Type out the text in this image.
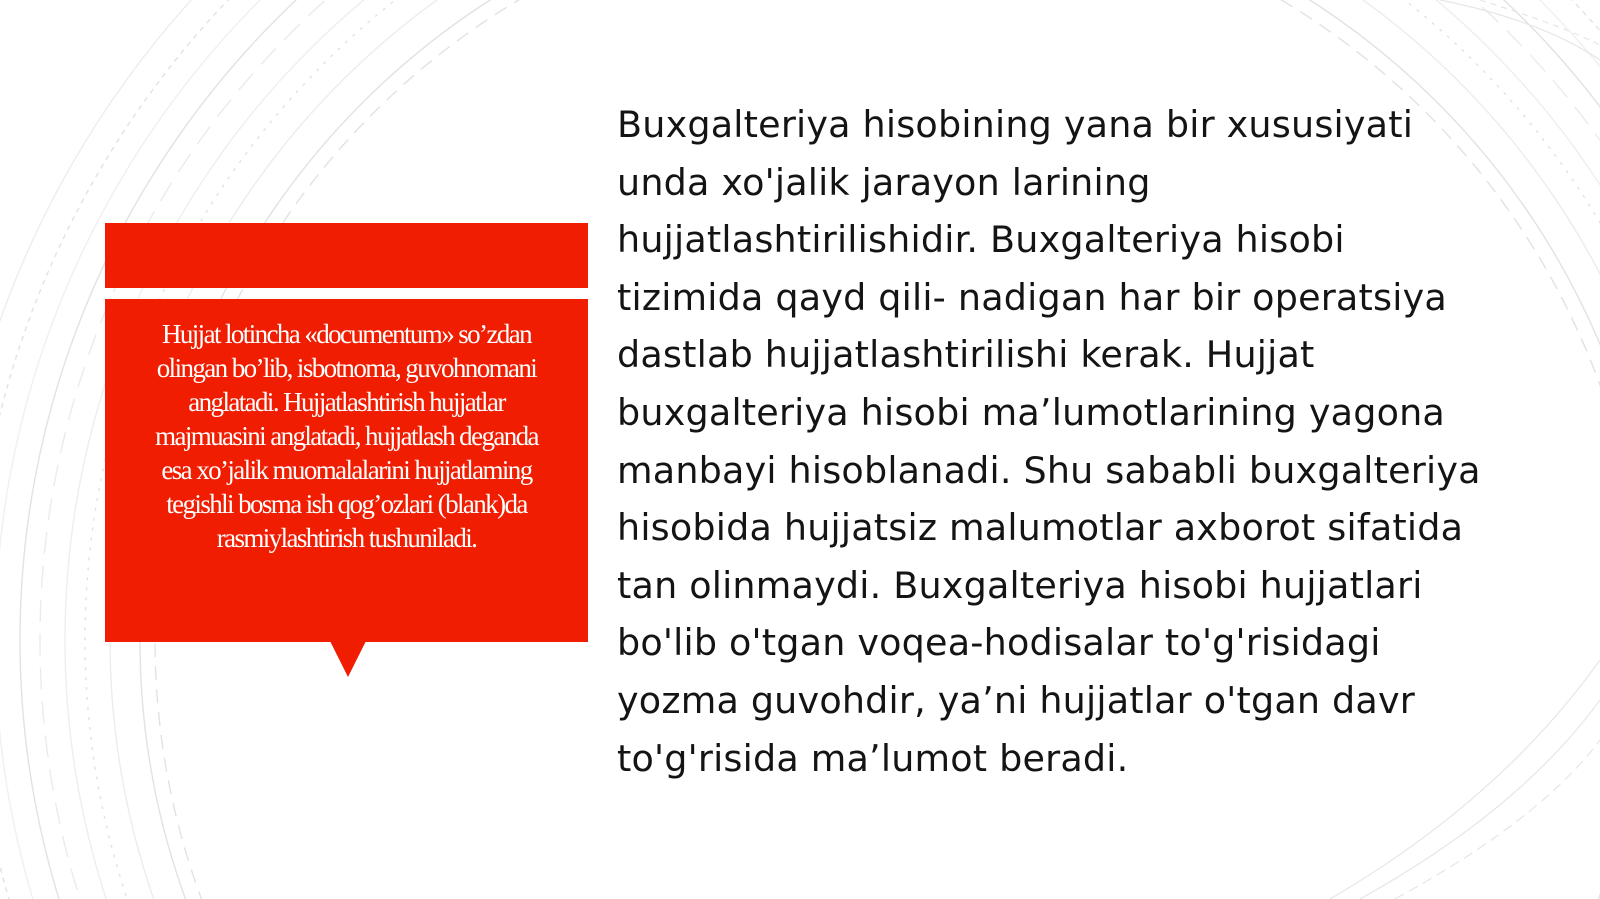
Hujjat lotincha «documentum» so’zdan olingan bo’lib, isbotnoma, guvohnomani anglatadi. Hujjatlashtirish hujjatlar majmuasini anglatadi, hujjatlash deganda esa xo’jalik muomalalarini hujjatlaming tegishli bosma ish qog’ozlari (blank)da rasmiylashtirish tushuniladi.

Buxgalteriya hisobining yana bir xususiyati unda xo'jalik jarayon larining hujjatlashtirilishidir. Buxgalteriya hisobi tizimida qayd qili- nadigan har bir operatsiya dastlab hujjatlashtirilishi kerak. Hujjat buxgalteriya hisobi ma’lumotlarining yagona manbayi hisoblanadi. Shu sababli buxgalteriya hisobida hujjatsiz malumotlar axborot sifatida tan olinmaydi. Buxgalteriya hisobi hujjatlari bo'lib o'tgan voqea-hodisalar to'g'risidagi yozma guvohdir, ya’ni hujjatlar o'tgan davr to'g'risida ma’lumot beradi.
